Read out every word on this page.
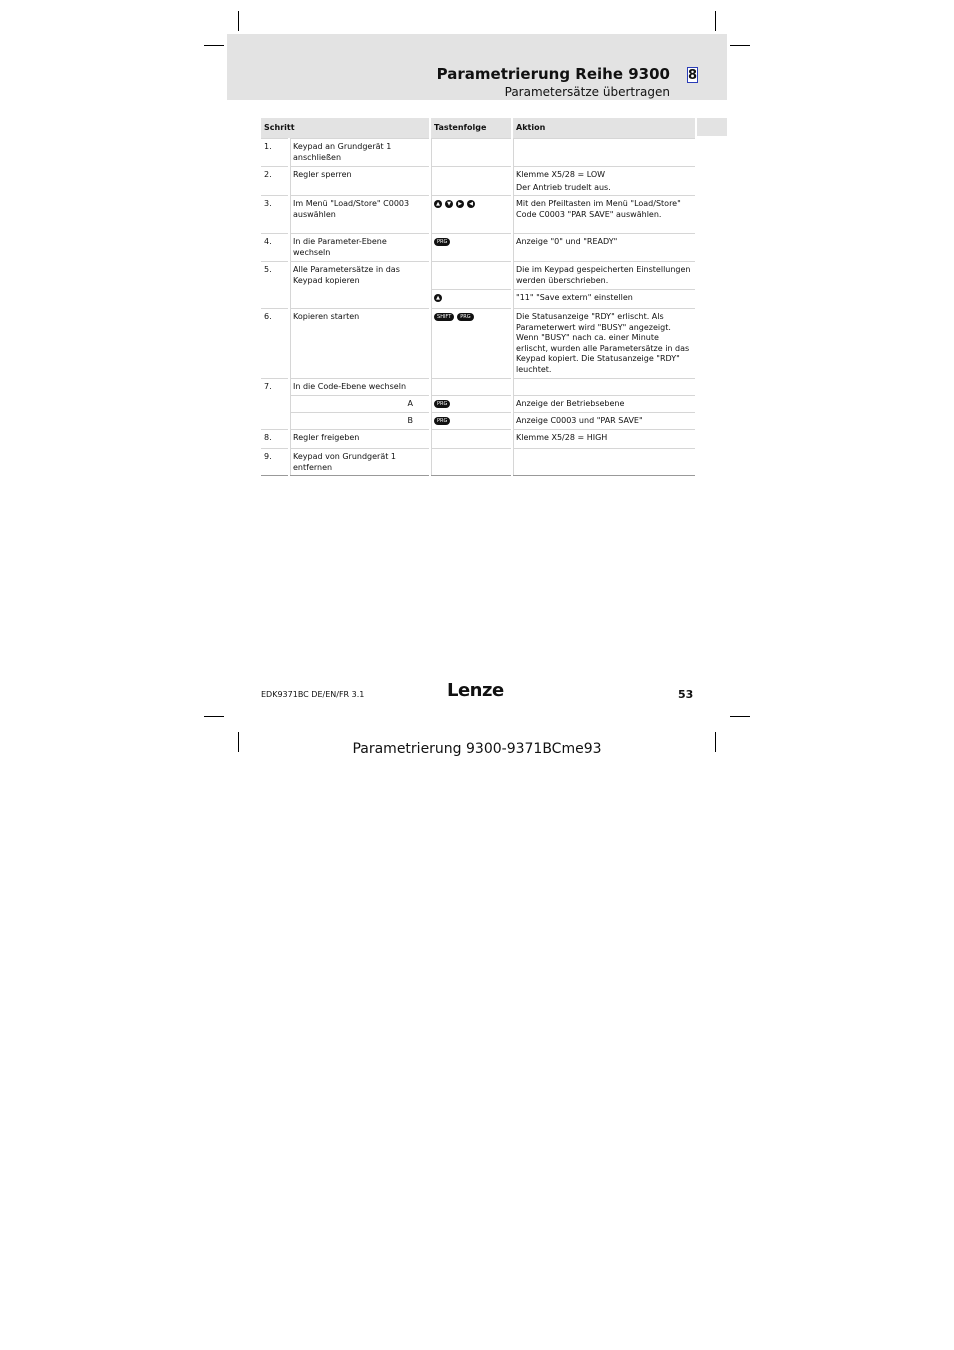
Parametrierung Reihe 9300 8
Parametersätze übertragen
Schritt		Tastenfolge	Aktion
1.	Keypad an Grundgerät 1 anschließen		
2.	Regler sperren		Klemme X5/28 = LOW
Der Antrieb trudelt aus.

3.	Im Menü "Load/Store" C0003 auswählen	▲ ▼ ▶ ◀	Mit den Pfeiltasten im Menü "Load/Store" Code C0003 "PAR SAVE" auswählen.
4.	In die Parameter-Ebene wechseln	PRG	Anzeige "0" und "READY"
5.	Alle Parametersätze in das Keypad kopieren		Die im Keypad gespeicherten Einstellungen werden überschrieben.
		▲	"11" "Save extern" einstellen
6.	Kopieren starten	SHIFT PRG	Die Statusanzeige "RDY" erlischt. Als Parameterwert wird "BUSY" angezeigt. Wenn "BUSY" nach ca. einer Minute erlischt, wurden alle Parametersätze in das Keypad kopiert. Die Statusanzeige "RDY" leuchtet.
7.	In die Code-Ebene wechseln		

	A	PRG	Anzeige der Betriebsebene

	B	PRG	Anzeige C0003 und "PAR SAVE"
8.	Regler freigeben		Klemme X5/28 = HIGH
9.	Keypad von Grundgerät 1 entfernen		
EDK9371BC DE/EN/FR 3.1	Lenze	53
Parametrierung 9300-9371BCme93
